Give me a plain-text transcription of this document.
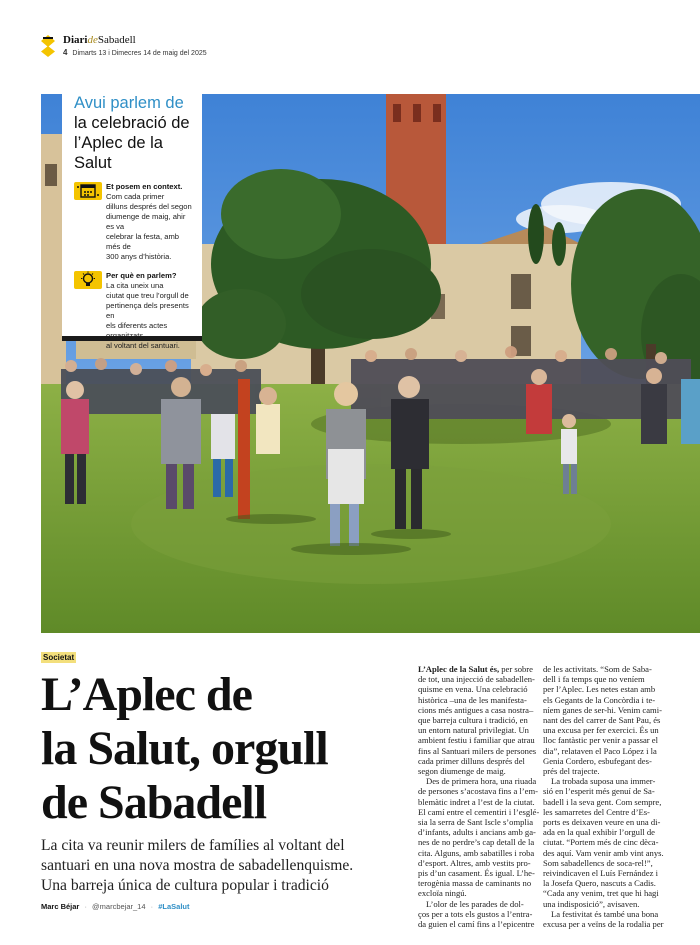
DiarideSabadell
4 Dimarts 13 i Dimecres 14 de maig del 2025
Avui parlem de la celebració de l’Aplec de la Salut
Et posem en context.
Com cada primer
dilluns després del segon
diumenge de maig, ahir es va
celebrar la festa, amb més de
300 anys d’història.
Per què en parlem?
La cita uneix una
ciutat que treu l’orgull de
pertinença dels presents en
els diferents actes
al voltant del santuari.
Societat
L’Aplec de
la Salut, orgull
de Sabadell
La cita va reunir milers de famílies al voltant del
santuari en una nova mostra de sabadellenquisme.
Una barreja única de cultura popular i tradició
Marc Béjar · @marcbejar_14 · #LaSalut
L’Aplec de la Salut és, per sobre
de tot, una injecció de sabadellen-
quisme en vena. Una celebració
històrica –una de les manifesta-
cions més antigues a casa nostra–
que barreja cultura i tradició, en
un entorn natural privilegiat. Un
ambient festiu i familiar que atrau
fins al Santuari milers de persones
cada primer dilluns després del
segon diumenge de maig.
Des de primera hora, una riuada
de persones s’acostava fins a l’em-
blemàtic indret a l’est de la ciutat.
El camí entre el cementiri i l’esglé-
sia la serra de Sant Iscle s’omplia
d’infants, adults i ancians amb ga-
nes de no perdre’s cap detall de la
cita. Alguns, amb sabatilles i roba
d’esport. Altres, amb vestits pro-
pis d’un casament. És igual. L’he-
terogènia massa de caminants no
excloïa ningú.
L’olor de les parades de dol-
ços per a tots els gustos a l’entra-
da guien el camí fins a l’epicentre
de les activitats. “Som de Saba-
dell i fa temps que no veníem
per l’Aplec. Les netes estan amb
els Gegants de la Concòrdia i te-
níem ganes de ser-hi. Venim cami-
nant des del carrer de Sant Pau, és
una excusa per fer exercici. És un
lloc fantàstic per venir a passar el
dia”, relataven el Paco López i la
Genia Cordero, esbufegant des-
prés del trajecte.
La trobada suposa una immer-
sió en l’esperit més genuí de Sa-
badell i la seva gent. Com sempre,
les samarretes del Centre d’Es-
ports es deixaven veure en una di-
ada en la qual exhibir l’orgull de
ciutat. “Portem més de cinc dèca-
des aquí. Vam venir amb vint anys.
Som sabadellencs de soca-rel!”,
reivindicaven el Luís Fernández i
la Josefa Quero, nascuts a Cadis.
“Cada any venim, tret que hi hagi
una indisposició”, avisaven.
La festivitat és també una bona
excusa per a veïns de la rodalia per
